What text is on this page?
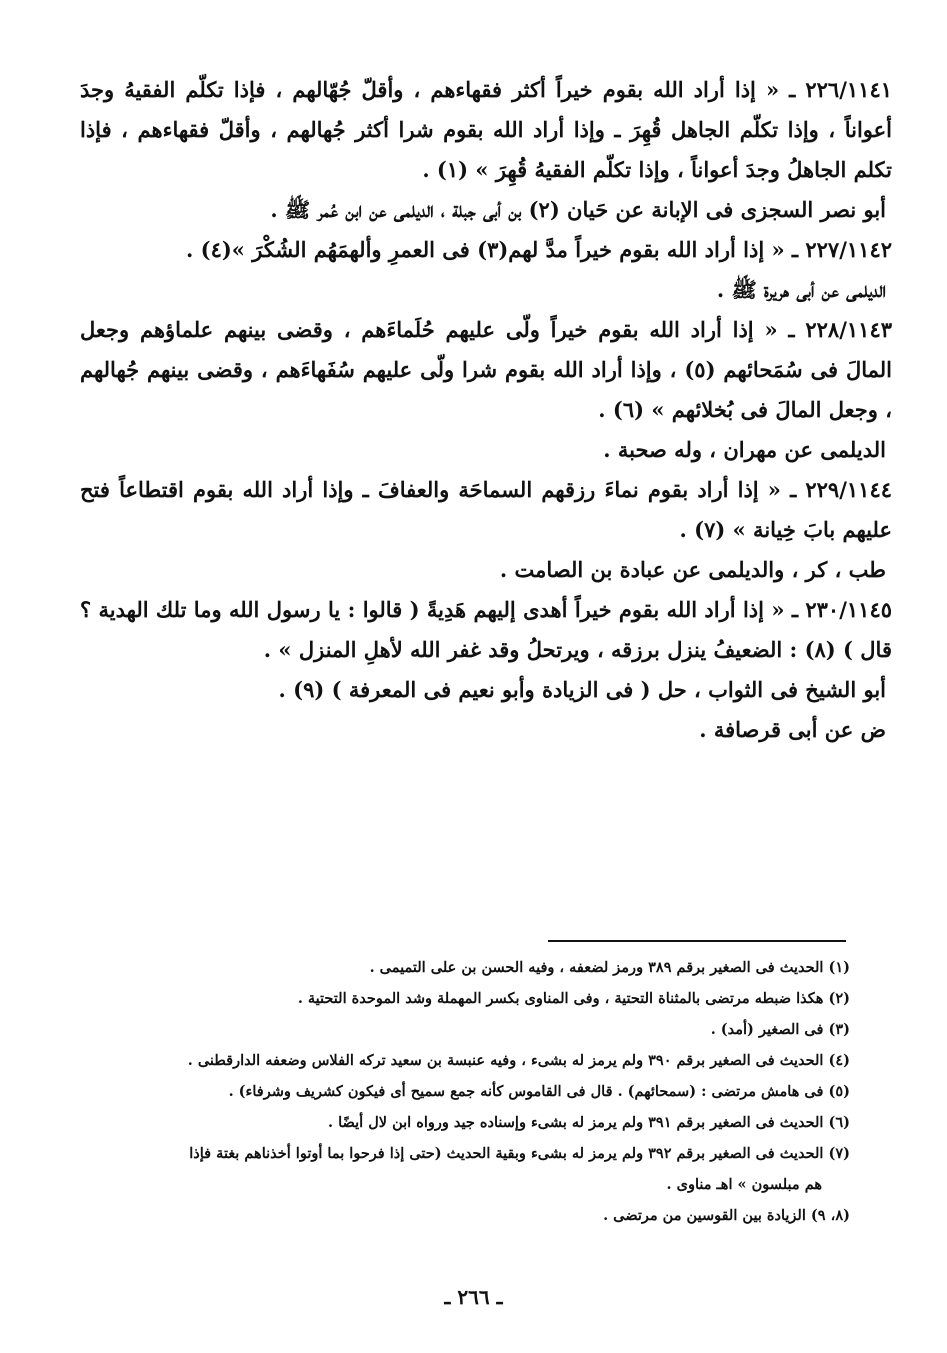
٢٢٦/١١٤١ ـ « إذا أراد الله بقوم خيراً أكثر فقهاءهم ، وأقلّ جُهّالهم ، فإذا تكلّم الفقيهُ وجدَ أعواناً ، وإذا تكلّم الجاهل قُهِرَ ـ وإذا أراد الله بقوم شرا أكثر جُهالهم ، وأقلّ فقهاءهم ، فإذا تكلم الجاهلُ وجدَ أعواناً ، وإذا تكلّم الفقيهُ قُهِرَ » (١) .

أبو نصر السجزى فى الإبانة عن حَيان (٢) بن أبى جبلة ، الديلمى عن ابن عُمر ﷺ .

٢٢٧/١١٤٢ ـ « إذا أراد الله بقوم خيراً مدَّ لهم(٣) فى العمرِ وألهمَهُم الشُكْرَ »(٤) .

الديلمى عن أبى هريرة ﷺ .

٢٢٨/١١٤٣ ـ « إذا أراد الله بقوم خيراً ولّى عليهم حُلَماءَهم ، وقضى بينهم علماؤهم وجعل المالَ فى سُمَحائهم (٥) ، وإذا أراد الله بقوم شرا ولّى عليهم سُفَهاءَهم ، وقضى بينهم جُهالهم ، وجعل المالَ فى بُخلائهم » (٦) .

الديلمى عن مهران ، وله صحبة .

٢٢٩/١١٤٤ ـ « إذا أراد بقوم نماءَ رزقهم السماحَة والعفافَ ـ وإذا أراد الله بقوم اقتطاعاً فتح عليهم بابَ خِيانة » (٧) .

طب ، كر ، والديلمى عن عبادة بن الصامت .

٢٣٠/١١٤٥ ـ « إذا أراد الله بقوم خيراً أهدى إليهم هَدِيةً ( قالوا : يا رسول الله وما تلك الهدية ؟ قال ) (٨) : الضعيفُ ينزل برزقه ، ويرتحلُ وقد غفر الله لأهلِ المنزل » .

أبو الشيخ فى الثواب ، حل ( فى الزيادة وأبو نعيم فى المعرفة ) (٩) .

ض عن أبى قرصافة .

(١) الحديث فى الصغير برقم ٣٨٩ ورمز لضعفه ، وفيه الحسن بن على التميمى .

(٢) هكذا ضبطه مرتضى بالمثناة التحتية ، وفى المناوى بكسر المهملة وشد الموحدة التحتية .

(٣) فى الصغير (أمد) .

(٤) الحديث فى الصغير برقم ٣٩٠ ولم يرمز له بشىء ، وفيه عنبسة بن سعيد تركه الفلاس وضعفه الدارقطنى .

(٥) فى هامش مرتضى : (سمحائهم) . قال فى القاموس كأنه جمع سميح أى فيكون كشريف وشرفاء) .

(٦) الحديث فى الصغير برقم ٣٩١ ولم يرمز له بشىء وإسناده جيد ورواه ابن لال أيضًا .

(٧) الحديث فى الصغير برقم ٣٩٢ ولم يرمز له بشىء وبقية الحديث (حتى إذا فرحوا بما أوتوا أخذناهم بغتة فإذا

هم مبلسون » اهـ مناوى .

(٨، ٩) الزيادة بين القوسين من مرتضى .

ـ ٢٦٦ ـ
